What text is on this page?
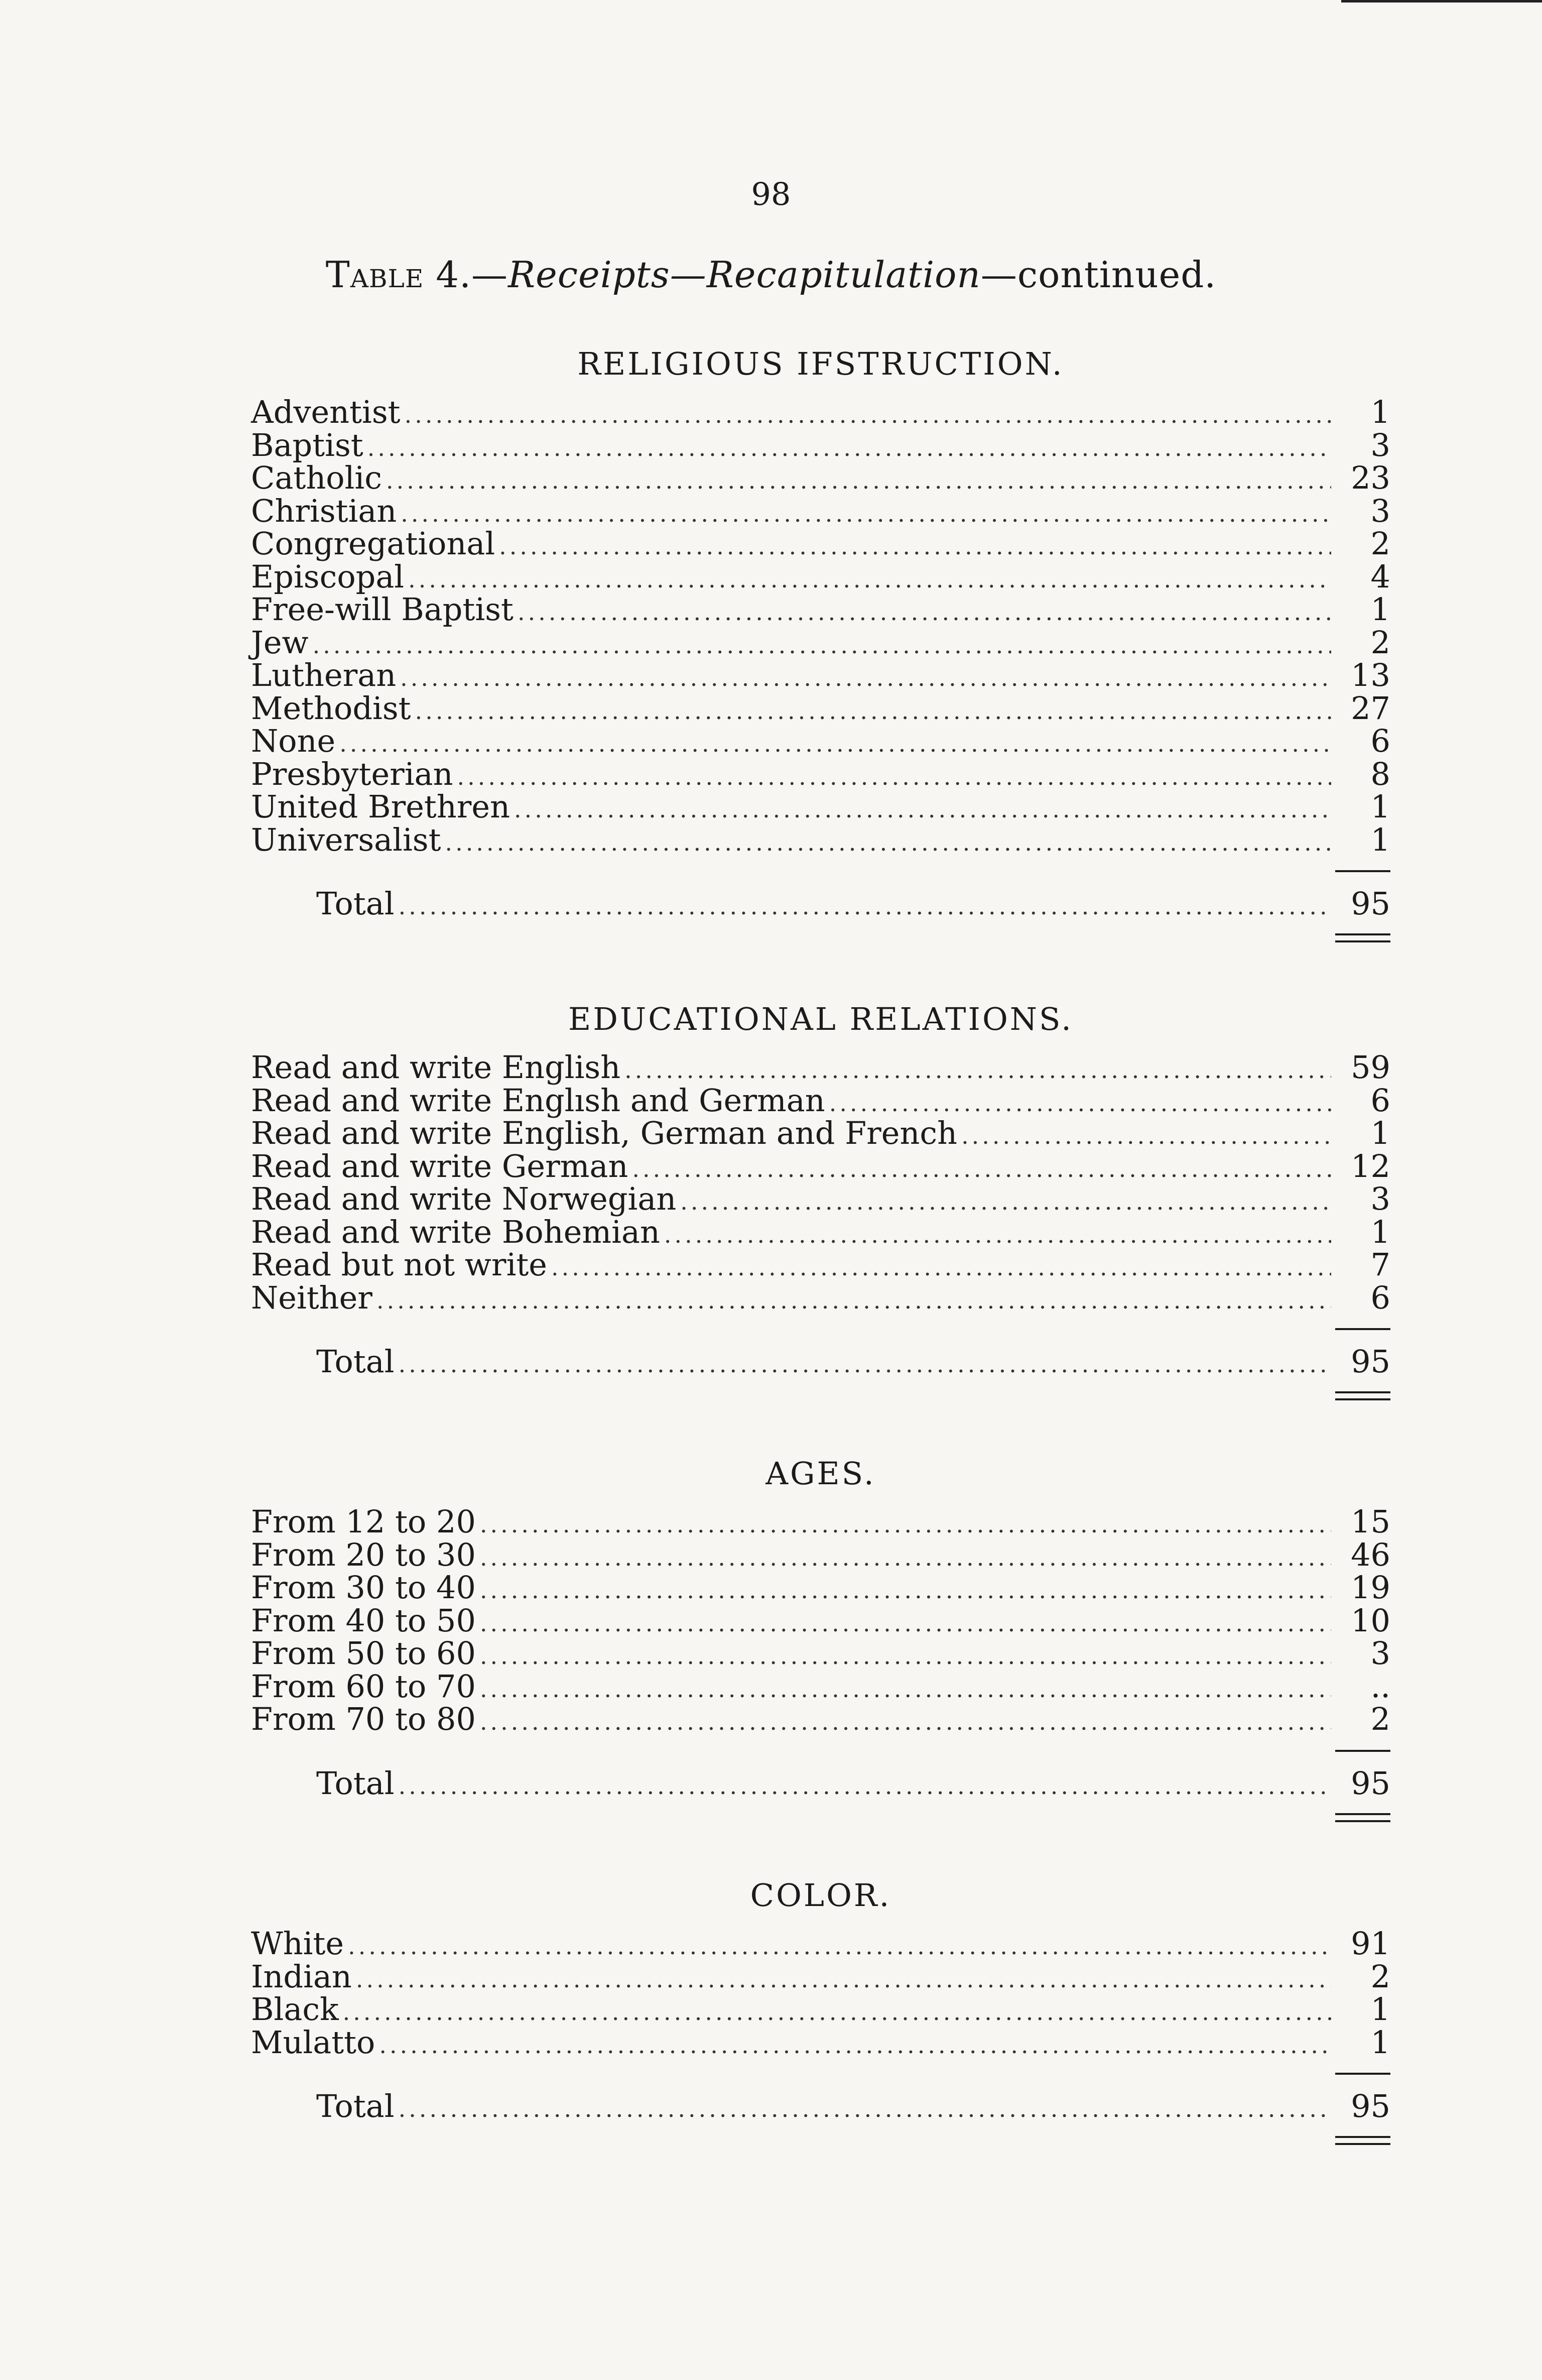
98
Table 4.—Receipts—Recapitulation—continued.
RELIGIOUS IFSTRUCTION.
Adventist .....	1
Baptist .....	3
Catholic .....	23
Christian .....	3
Congregational .....	2
Episcopal .....	4
Free-will Baptist .....	1
Jew .....	2
Lutheran .....	13
Methodist .....	27
None .....	6
Presbyterian .....	8
United Brethren .....	1
Universalist .....	1
Total .....	95
EDUCATIONAL RELATIONS.
Read and write English .....	59
Read and write Englısh and German .....	6
Read and write English, German and French .....	1
Read and write German .....	12
Read and write Norwegian .....	3
Read and write Bohemian .....	1
Read but not write .....	7
Neither .....	6
Total .....	95
AGES.
From 12 to 20 .....	15
From 20 to 30 .....	46
From 30 to 40 .....	19
From 40 to 50 .....	10
From 50 to 60 .....	3
From 60 to 70 .....	..
From 70 to 80 .....	2
Total .....	95
COLOR.
White .....	91
Indian .....	2
Black .....	1
Mulatto .....	1
Total .....	95
